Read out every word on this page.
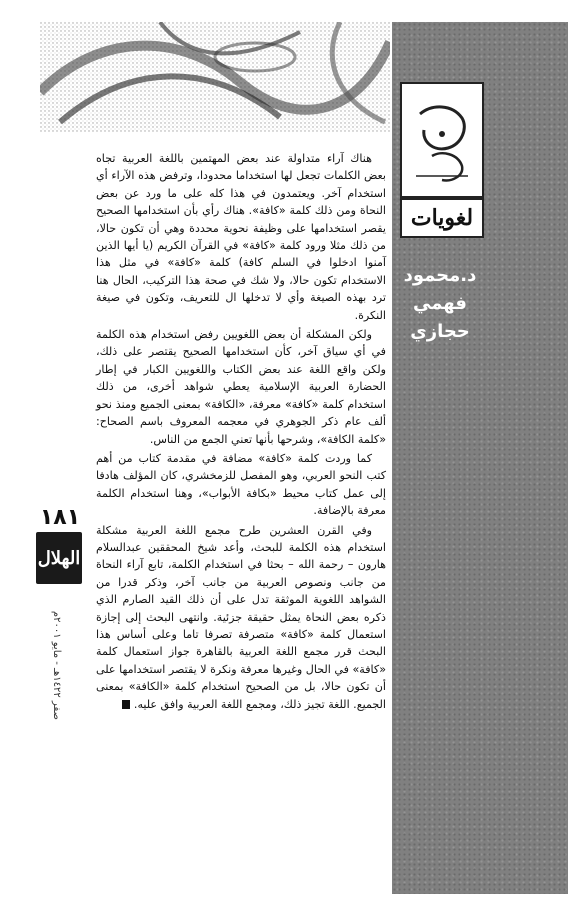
لغويات
د.محمود
فهمي
حجازي
١٨١
الهلال
صفر ١٤٢٢هـ - مايو ٢٠٠١م

هناك آراء متداولة عند بعض المهتمين باللغة العربية تجاه بعض الكلمات تجعل لها استخداما محدودا، وترفض هذه الآراء أي استخدام آخر. ويعتمدون في هذا كله على ما ورد عن بعض النحاة ومن ذلك كلمة «كافة». هناك رأي بأن استخدامها الصحيح يقصر استخدامها على وظيفة نحوية محددة وهي أن تكون حالا، من ذلك مثلا ورود كلمة «كافة» في القرآن الكريم (يا أيها الذين آمنوا ادخلوا في السلم كافة) كلمة «كافة» في مثل هذا الاستخدام تكون حالا، ولا شك في صحة هذا التركيب، الحال هنا ترد بهذه الصيغة وأي لا تدخلها ال للتعريف، وتكون في صيغة النكرة.

ولكن المشكلة أن بعض اللغويين رفض استخدام هذه الكلمة في أي سياق آخر، كأن استخدامها الصحيح يقتصر على ذلك، ولكن واقع اللغة عند بعض الكتاب واللغويين الكبار في إطار الحضارة العربية الإسلامية يعطي شواهد أخرى، من ذلك استخدام كلمة «كافة» معرفة، «الكافة» بمعنى الجميع ومنذ نحو ألف عام ذكر الجوهري في معجمه المعروف باسم الصحاح: «كلمة الكافة»، وشرحها بأنها تعني الجمع من الناس.

كما وردت كلمة «كافة» مضافة في مقدمة كتاب من أهم كتب النحو العربي، وهو المفصل للزمخشري، كان المؤلف هادفا إلى عمل كتاب محيط «بكافة الأبواب»، وهنا استخدام الكلمة معرفة بالإضافة.

وفي القرن العشرين طرح مجمع اللغة العربية مشكلة استخدام هذه الكلمة للبحث، وأعد شيخ المحققين عبدالسلام هارون – رحمة الله – بحثا في استخدام الكلمة، تابع آراء النحاة من جانب ونصوص العربية من جانب آخر، وذكر قدرا من الشواهد اللغوية الموثقة تدل على أن ذلك القيد الصارم الذي ذكره بعض النحاة يمثل حقيقة جزئية. وانتهى البحث إلى إجازة استعمال كلمة «كافة» متصرفة تصرفا تاما وعلى أساس هذا البحث قرر مجمع اللغة العربية بالقاهرة جواز استعمال كلمة «كافة» في الحال وغيرها معرفة ونكرة لا يقتصر استخدامها على أن تكون حالا، بل من الصحيح استخدام كلمة «الكافة» بمعنى الجميع. اللغة تجيز ذلك، ومجمع اللغة العربية وافق عليه.
